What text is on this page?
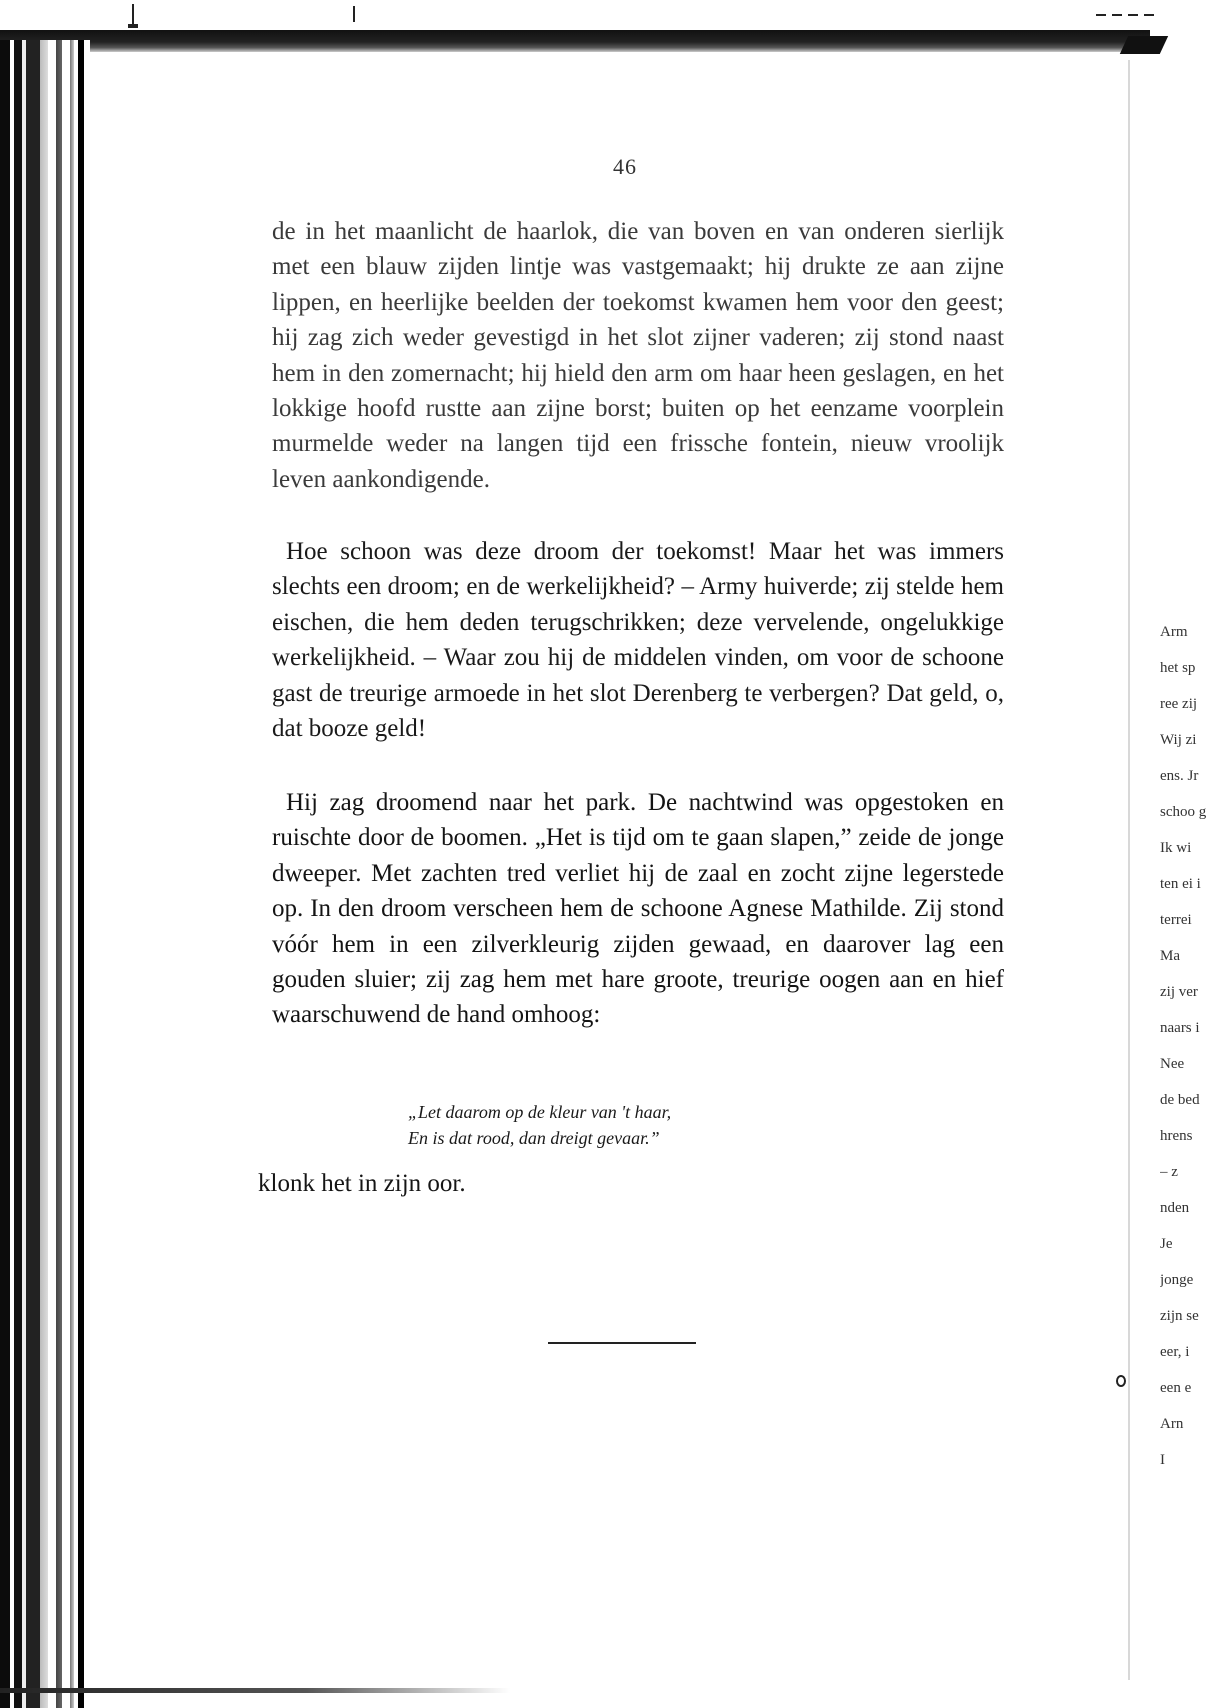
46

de in het maanlicht de haarlok, die van boven en van onderen sierlijk met een blauw zijden lintje was vastgemaakt; hij drukte ze aan zijne lippen, en heerlijke beelden der toekomst kwamen hem voor den geest; hij zag zich weder gevestigd in het slot zijner vaderen; zij stond naast hem in den zomernacht; hij hield den arm om haar heen geslagen, en het lokkige hoofd rustte aan zijne borst; buiten op het eenzame voorplein murmelde weder na langen tijd een frissche fontein, nieuw vroolijk leven aankondigende.

Hoe schoon was deze droom der toekomst! Maar het was immers slechts een droom; en de werkelijkheid? – Army huiverde; zij stelde hem eischen, die hem deden terugschrikken; deze vervelende, ongelukkige werkelijkheid. – Waar zou hij de middelen vinden, om voor de schoone gast de treurige armoede in het slot Derenberg te verbergen? Dat geld, o, dat booze geld!

Hij zag droomend naar het park. De nachtwind was opgestoken en ruischte door de boomen. „Het is tijd om te gaan slapen,” zeide de jonge dweeper. Met zachten tred verliet hij de zaal en zocht zijne legerstede op. In den droom verscheen hem de schoone Agnese Mathilde. Zij stond vóór hem in een zilverkleurig zijden gewaad, en daarover lag een gouden sluier; zij zag hem met hare groote, treurige oogen aan en hief waarschuwend de hand omhoog:

„Let daarom op de kleur van 't haar,
En is dat rood, dan dreigt gevaar.”
klonk het in zijn oor.
Arm
het sp
ree zij
Wij zi
ens. Jr
schoo g
Ik wi
ten ei i
terrei
Ma
zij ver
naars i
Nee
de bed
hrens
– z
nden
Je
jonge
zijn se
eer, i
een e
Arn
I
